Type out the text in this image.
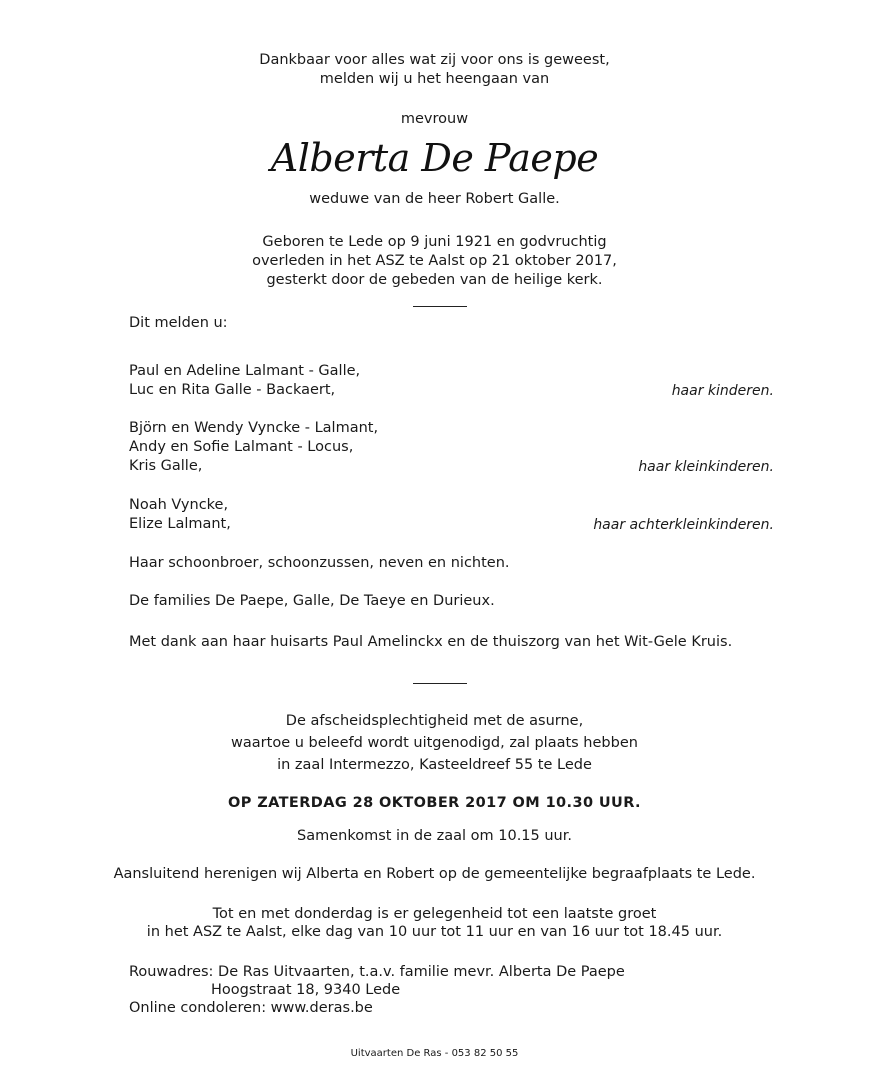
Dankbaar voor alles wat zij voor ons is geweest,
melden wij u het heengaan van
mevrouw
Alberta De Paepe
weduwe van de heer Robert Galle.
Geboren te Lede op 9 juni 1921 en godvruchtig
overleden in het ASZ te Aalst op 21 oktober 2017,
gesterkt door de gebeden van de heilige kerk.
Dit melden u:
Paul en Adeline Lalmant - Galle,
Luc en Rita Galle - Backaert,	haar kinderen.
Björn en Wendy Vyncke - Lalmant,
Andy en Sofie Lalmant - Locus,
Kris Galle,	haar kleinkinderen.
Noah Vyncke,
Elize Lalmant,	haar achterkleinkinderen.
Haar schoonbroer, schoonzussen, neven en nichten.
De families De Paepe, Galle, De Taeye en Durieux.
Met dank aan haar huisarts Paul Amelinckx en de thuiszorg van het Wit-Gele Kruis.
De afscheidsplechtigheid met de asurne,
waartoe u beleefd wordt uitgenodigd, zal plaats hebben
in zaal Intermezzo, Kasteeldreef 55 te Lede
OP ZATERDAG 28 OKTOBER 2017 OM 10.30 UUR.
Samenkomst in de zaal om 10.15 uur.
Aansluitend herenigen wij Alberta en Robert op de gemeentelijke begraafplaats te Lede.
Tot en met donderdag is er gelegenheid tot een laatste groet
in het ASZ te Aalst, elke dag van 10 uur tot 11 uur en van 16 uur tot 18.45 uur.
Rouwadres: De Ras Uitvaarten, t.a.v. familie mevr. Alberta De Paepe
Hoogstraat 18, 9340 Lede
Online condoleren: www.deras.be
Uitvaarten De Ras - 053 82 50 55
